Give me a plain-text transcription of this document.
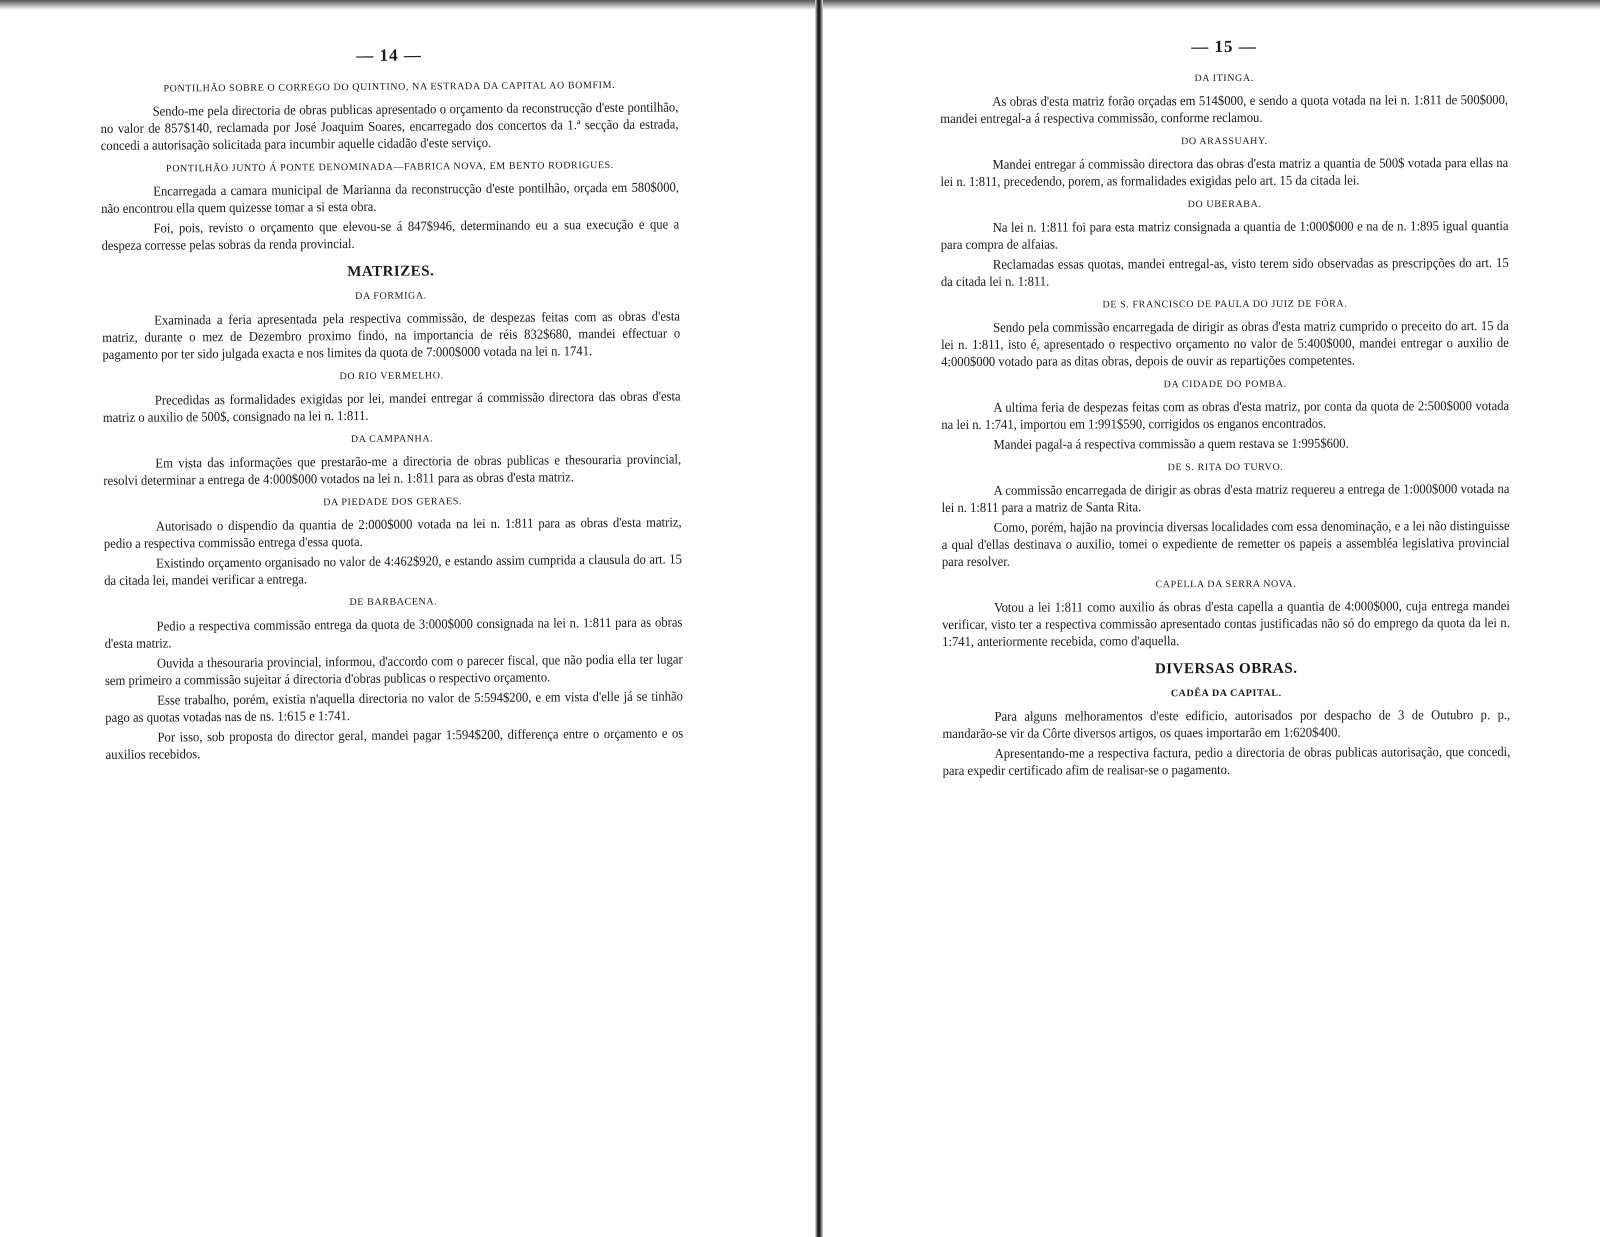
— 14 —
PONTILHÃO SOBRE O CORREGO DO QUINTINO, NA ESTRADA DA CAPITAL AO BOMFIM.

Sendo-me pela directoria de obras publicas apresentado o orçamento da reconstrucção d'este pontilhão, no valor de 857$140, reclamada por José Joaquim Soares, encarregado dos concertos da 1.ª secção da estrada, concedi a autorisação solicitada para incumbir aquelle cidadão d'este serviço.

PONTILHÃO JUNTO Á PONTE DENOMINADA—FABRICA NOVA, EM BENTO RODRIGUES.

Encarregada a camara municipal de Marianna da reconstrucção d'este pontilhão, orçada em 580$000, não encontrou ella quem quizesse tomar a si esta obra.

Foi, pois, revisto o orçamento que elevou-se á 847$946, determinando eu a sua execução e que a despeza corresse pelas sobras da renda provincial.

MATRIZES.
DA FORMIGA.

Examinada a feria apresentada pela respectiva commissão, de despezas feitas com as obras d'esta matriz, durante o mez de Dezembro proximo findo, na importancia de réis 832$680, mandei effectuar o pagamento por ter sido julgada exacta e nos limites da quota de 7:000$000 votada na lei n. 1741.

DO RIO VERMELHO.

Precedidas as formalidades exigidas por lei, mandei entregar á commissão directora das obras d'esta matriz o auxilio de 500$, consignado na lei n. 1:811.

DA CAMPANHA.

Em vista das informações que prestarão-me a directoria de obras publicas e thesouraria provincial, resolvi determinar a entrega de 4:000$000 votados na lei n. 1:811 para as obras d'esta matriz.

DA PIEDADE DOS GERAES.

Autorisado o dispendio da quantia de 2:000$000 votada na lei n. 1:811 para as obras d'esta matriz, pedio a respectiva commissão entrega d'essa quota.

Existindo orçamento organisado no valor de 4:462$920, e estando assim cumprida a clausula do art. 15 da citada lei, mandei verificar a entrega.

DE BARBACENA.

Pedio a respectiva commissão entrega da quota de 3:000$000 consignada na lei n. 1:811 para as obras d'esta matriz.

Ouvida a thesouraria provincial, informou, d'accordo com o parecer fiscal, que não podia ella ter lugar sem primeiro a commissão sujeitar á directoria d'obras publicas o respectivo orçamento.

Esse trabalho, porém, existia n'aquella directoria no valor de 5:594$200, e em vista d'elle já se tinhão pago as quotas votadas nas de ns. 1:615 e 1:741.

Por isso, sob proposta do director geral, mandei pagar 1:594$200, differença entre o orçamento e os auxilios recebidos.

— 15 —
DA ITINGA.

As obras d'esta matriz forão orçadas em 514$000, e sendo a quota votada na lei n. 1:811 de 500$000, mandei entregal-a á respectiva commissão, conforme reclamou.

DO ARASSUAHY.

Mandei entregar á commissão directora das obras d'esta matriz a quantia de 500$ votada para ellas na lei n. 1:811, precedendo, porem, as formalidades exigidas pelo art. 15 da citada lei.

DO UBERABA.

Na lei n. 1:811 foi para esta matriz consignada a quantia de 1:000$000 e na de n. 1:895 igual quantia para compra de alfaias.

Reclamadas essas quotas, mandei entregal-as, visto terem sido observadas as prescripções do art. 15 da citada lei n. 1:811.

DE S. FRANCISCO DE PAULA DO JUIZ DE FÓRA.

Sendo pela commissão encarregada de dirigir as obras d'esta matriz cumprido o preceito do art. 15 da lei n. 1:811, isto é, apresentado o respectivo orçamento no valor de 5:400$000, mandei entregar o auxilio de 4:000$000 votado para as ditas obras, depois de ouvir as repartições competentes.

DA CIDADE DO POMBA.

A ultima feria de despezas feitas com as obras d'esta matriz, por conta da quota de 2:500$000 votada na lei n. 1:741, importou em 1:991$590, corrigidos os enganos encontrados.

Mandei pagal-a á respectiva commissão a quem restava se 1:995$600.

DE S. RITA DO TURVO.

A commissão encarregada de dirigir as obras d'esta matriz requereu a entrega de 1:000$000 votada na lei n. 1:811 para a matriz de Santa Rita.

Como, porém, hajão na provincia diversas localidades com essa denominação, e a lei não distinguisse a qual d'ellas destinava o auxilio, tomei o expediente de remetter os papeis a assembléa legislativa provincial para resolver.

CAPELLA DA SERRA NOVA.

Votou a lei 1:811 como auxilio ás obras d'esta capella a quantia de 4:000$000, cuja entrega mandei verificar, visto ter a respectiva commissão apresentado contas justificadas não só do emprego da quota da lei n. 1:741, anteriormente recebida, como d'aquella.

DIVERSAS OBRAS.
CADÊA DA CAPITAL.

Para alguns melhoramentos d'este edificio, autorisados por despacho de 3 de Outubro p. p., mandarão-se vir da Côrte diversos artigos, os quaes importarão em 1:620$400.

Apresentando-me a respectiva factura, pedio a directoria de obras publicas autorisação, que concedi, para expedir certificado afim de realisar-se o pagamento.
